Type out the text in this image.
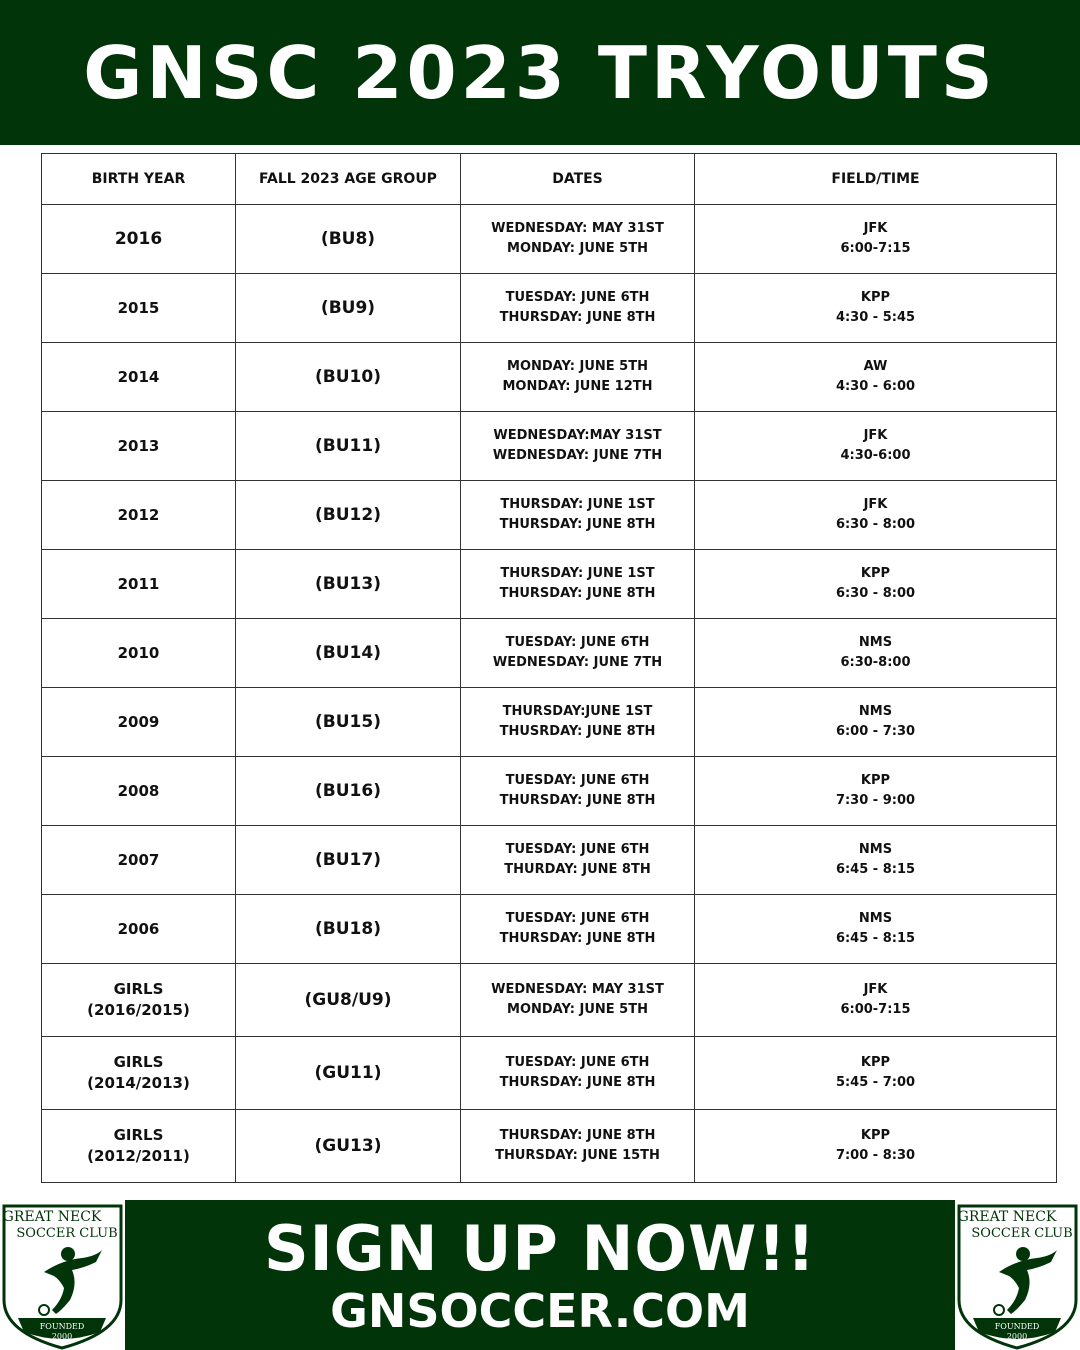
GNSC 2023 TRYOUTS
BIRTH YEAR	FALL 2023 AGE GROUP	DATES	FIELD/TIME

2016	(BU8)	WEDNESDAY: MAY 31ST
MONDAY: JUNE 5TH	JFK
6:00-7:15

2015	(BU9)	TUESDAY: JUNE 6TH
THURSDAY: JUNE 8TH	KPP
4:30 - 5:45

2014	(BU10)	MONDAY: JUNE 5TH
MONDAY: JUNE 12TH	AW
4:30 - 6:00

2013	(BU11)	WEDNESDAY:MAY 31ST
WEDNESDAY: JUNE 7TH	JFK
4:30-6:00

2012	(BU12)	THURSDAY: JUNE 1ST
THURSDAY: JUNE 8TH	JFK
6:30 - 8:00

2011	(BU13)	THURSDAY: JUNE 1ST
THURSDAY: JUNE 8TH	KPP
6:30 - 8:00

2010	(BU14)	TUESDAY: JUNE 6TH
WEDNESDAY: JUNE 7TH	NMS
6:30-8:00

2009	(BU15)	THURSDAY:JUNE 1ST
THUSRDAY: JUNE 8TH	NMS
6:00 - 7:30

2008	(BU16)	TUESDAY: JUNE 6TH
THURSDAY: JUNE 8TH	KPP
7:30 - 9:00

2007	(BU17)	TUESDAY: JUNE 6TH
THURDAY: JUNE 8TH	NMS
6:45 - 8:15

2006	(BU18)	TUESDAY: JUNE 6TH
THURSDAY: JUNE 8TH	NMS
6:45 - 8:15

GIRLS
(2016/2015)	(GU8/U9)	WEDNESDAY: MAY 31ST
MONDAY: JUNE 5TH	JFK
6:00-7:15

GIRLS
(2014/2013)	(GU11)	TUESDAY: JUNE 6TH
THURSDAY: JUNE 8TH	KPP
5:45 - 7:00

GIRLS
(2012/2011)	(GU13)	THURSDAY: JUNE 8TH
THURSDAY: JUNE 15TH	KPP
7:00 - 8:30
GREAT NECK
SOCCER CLUB
FOUNDED
2000
SIGN UP NOW!!
GNSOCCER.COM
GREAT NECK
SOCCER CLUB
FOUNDED
2000
